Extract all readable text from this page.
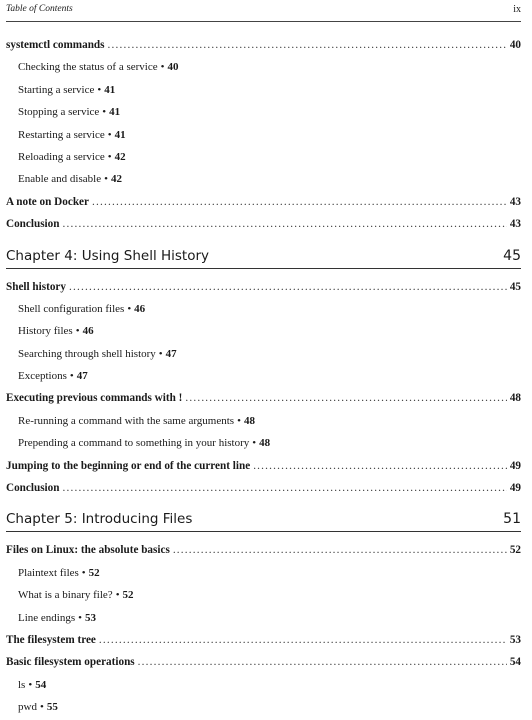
Table of Contents	ix
systemctl commands .....	40
Checking the status of a service • 40
Starting a service • 41
Stopping a service • 41
Restarting a service • 41
Reloading a service • 42
Enable and disable • 42
A note on Docker .....	43
Conclusion .....	43
Chapter 4: Using Shell History	45
Shell history .....	45
Shell configuration files • 46
History files • 46
Searching through shell history • 47
Exceptions • 47
Executing previous commands with ! .....	48
Re-running a command with the same arguments • 48
Prepending a command to something in your history • 48
Jumping to the beginning or end of the current line .....	49
Conclusion .....	49
Chapter 5: Introducing Files	51
Files on Linux: the absolute basics .....	52
Plaintext files • 52
What is a binary file? • 52
Line endings • 53
The filesystem tree .....	53
Basic filesystem operations .....	54
ls • 54
pwd • 55
